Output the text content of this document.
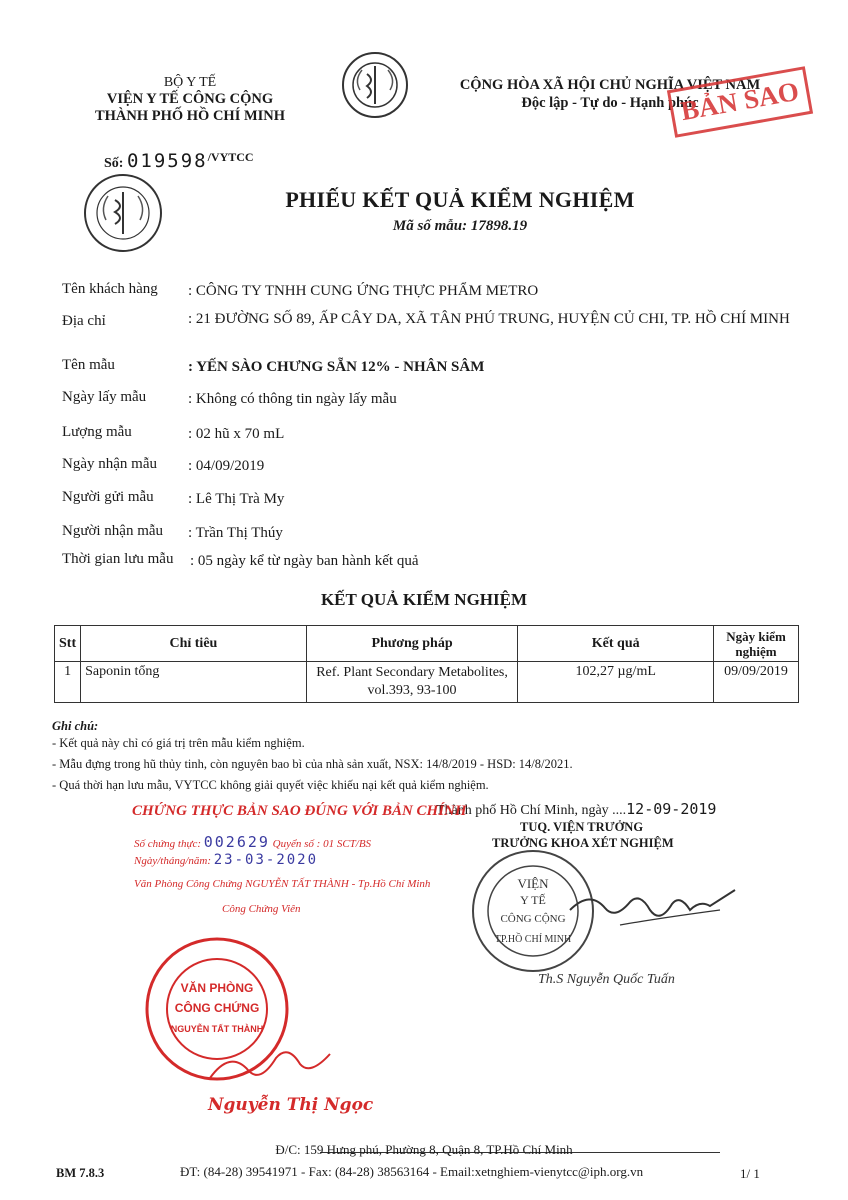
BỘ Y TẾ
VIỆN Y TẾ CÔNG CỘNG
THÀNH PHỐ HỒ CHÍ MINH
CỘNG HÒA XÃ HỘI CHỦ NGHĨA VIỆT NAM
Độc lập - Tự do - Hạnh phúc
BẢN SAO
Số: 019598/VYTCC
PHIẾU KẾT QUẢ KIỂM NGHIỆM
Mã số mẫu: 17898.19
Tên khách hàng : CÔNG TY TNHH CUNG ỨNG THỰC PHẨM METRO
Địa chỉ	: 21 ĐƯỜNG SỐ 89, ẤP CÂY DA, XÃ TÂN PHÚ TRUNG, HUYỆN CỦ CHI, TP. HỒ CHÍ MINH
Tên mẫu	: YẾN SÀO CHƯNG SẴN 12% - NHÂN SÂM
Ngày lấy mẫu	: Không có thông tin ngày lấy mẫu
Lượng mẫu	: 02 hũ x 70 mL
Ngày nhận mẫu : 04/09/2019
Người gửi mẫu : Lê Thị Trà My
Người nhận mẫu : Trần Thị Thúy
Thời gian lưu mẫu : 05 ngày kể từ ngày ban hành kết quả
KẾT QUẢ KIỂM NGHIỆM
Stt	Chỉ tiêu	Phương pháp	Kết quả	Ngày kiểm nghiệm
1	Saponin tổng	Ref. Plant Secondary Metabolites, vol.393, 93-100	102,27 µg/mL	09/09/2019
Ghi chú:
- Kết quả này chỉ có giá trị trên mẫu kiểm nghiệm.
- Mẫu đựng trong hũ thủy tinh, còn nguyên bao bì của nhà sản xuất, NSX: 14/8/2019 - HSD: 14/8/2021.
- Quá thời hạn lưu mẫu, VYTCC không giải quyết việc khiếu nại kết quả kiểm nghiệm.
Thành phố Hồ Chí Minh, ngày ....12-09-2019
TUQ. VIỆN TRƯỞNG
TRƯỞNG KHOA XÉT NGHIỆM
VIỆN
Y TẾ
CÔNG CỘNG
TP.HỒ CHÍ MINH
Th.S Nguyễn Quốc Tuấn
CHỨNG THỰC BẢN SAO ĐÚNG VỚI BẢN CHÍNH
Số chứng thực: 002629 Quyển số : 01 SCT/BS
Ngày/tháng/năm: 23-03-2020
Văn Phòng Công Chứng NGUYỄN TẤT THÀNH - Tp.Hồ Chí Minh
Công Chứng Viên
VĂN PHÒNG
CÔNG CHỨNG
NGUYỄN TẤT THÀNH
Nguyễn Thị Ngọc
Đ/C: 159 Hưng phú, Phường 8, Quận 8, TP.Hồ Chí Minh
ĐT: (84-28) 39541971 - Fax: (84-28) 38563164 - Email:xetnghiem-vienytcc@iph.org.vn
BM 7.8.3	1/ 1
